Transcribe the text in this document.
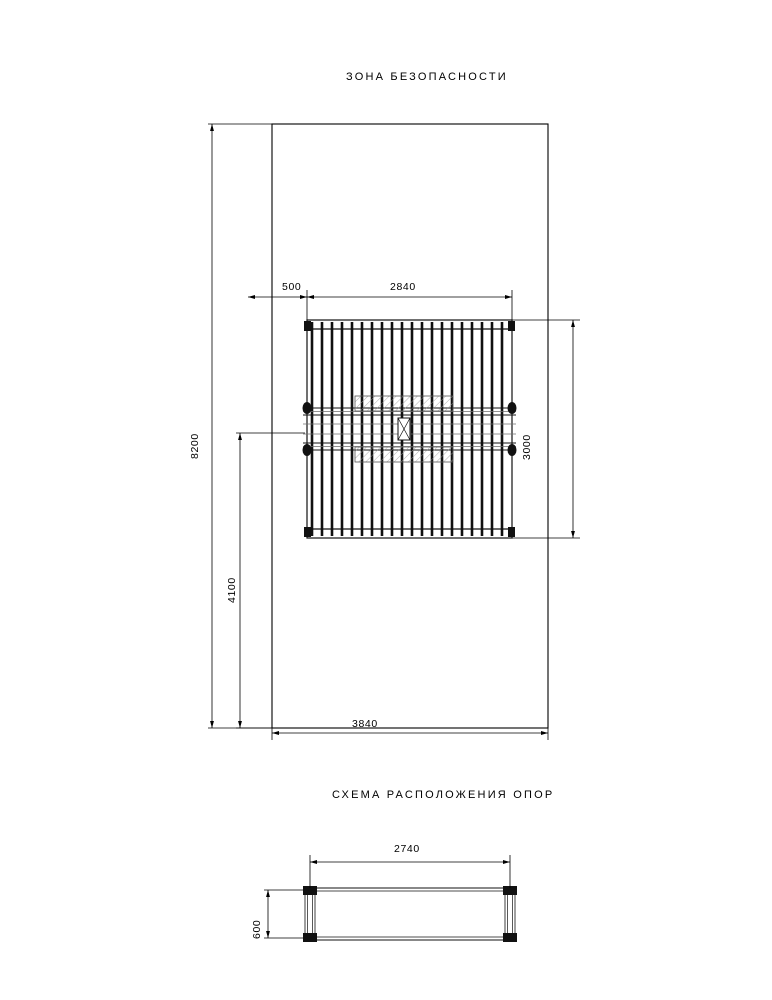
ЗОНА БЕЗОПАСНОСТИ
СХЕМА РАСПОЛОЖЕНИЯ ОПОР
500	2840
3840
8200
4100
3000
2740
600
